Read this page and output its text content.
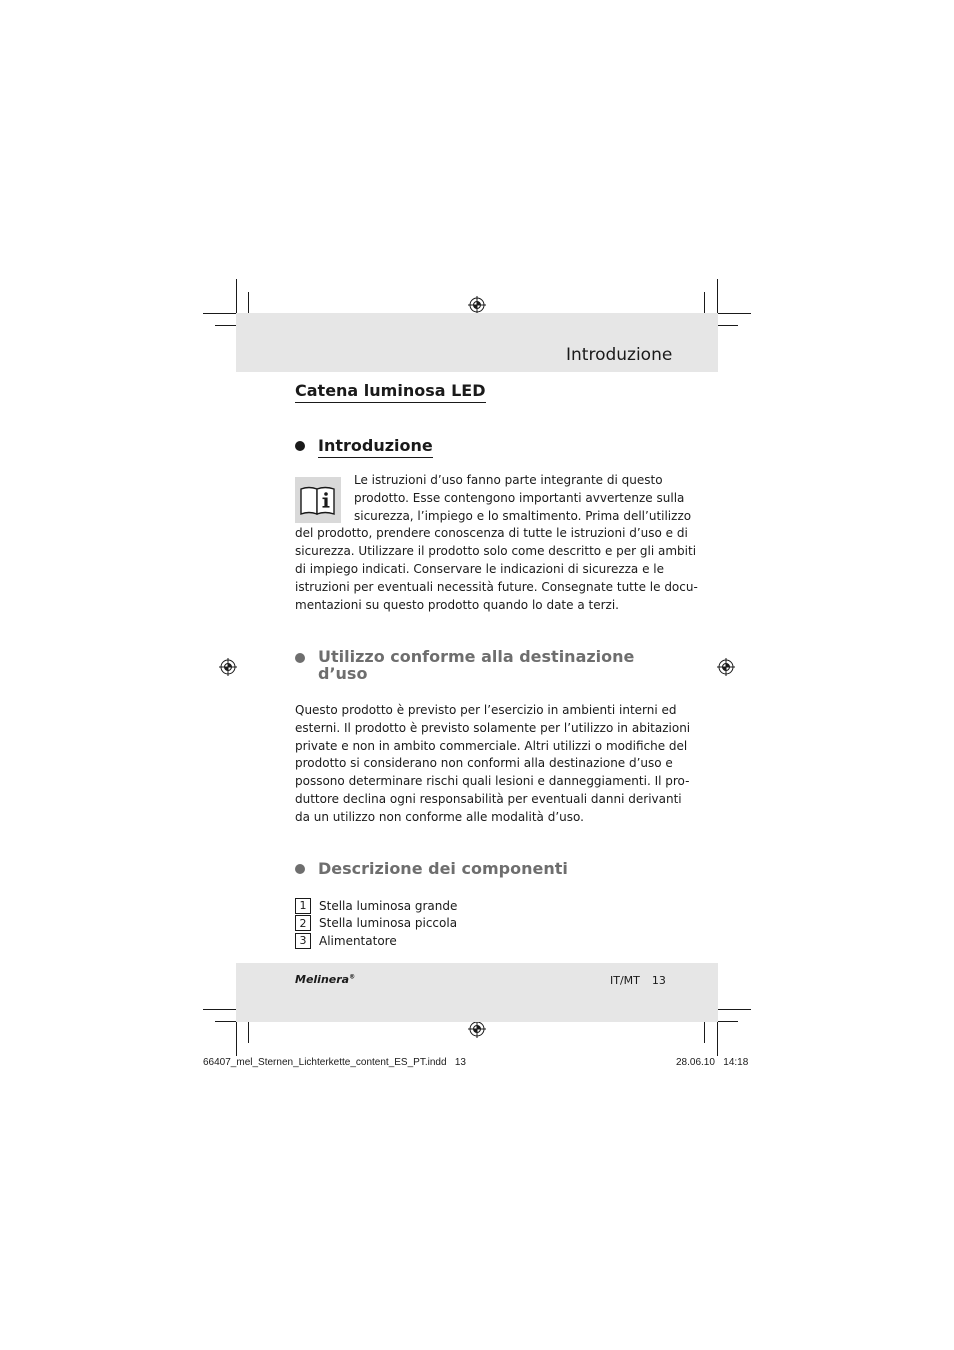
Introduzione
Catena luminosa LED
Introduzione
Le istruzioni d’uso fanno parte integrante di questo
prodotto. Esse contengono importanti avvertenze sulla
sicurezza, l’impiego e lo smaltimento. Prima dell’utilizzo
del prodotto, prendere conoscenza di tutte le istruzioni d’uso e di
sicurezza. Utilizzare il prodotto solo come descritto e per gli ambiti
di impiego indicati. Conservare le indicazioni di sicurezza e le
istruzioni per eventuali necessità future. Consegnate tutte le docu-
mentazioni su questo prodotto quando lo date a terzi.
Utilizzo conforme alla destinazione
d’uso
Questo prodotto è previsto per l’esercizio in ambienti interni ed
esterni. Il prodotto è previsto solamente per l’utilizzo in abitazioni
private e non in ambito commerciale. Altri utilizzi o modifiche del
prodotto si considerano non conformi alla destinazione d’uso e
possono determinare rischi quali lesioni e danneggiamenti. Il pro-
duttore declina ogni responsabilità per eventuali danni derivanti
da un utilizzo non conforme alle modalità d’uso.
Descrizione dei componenti
1	Stella luminosa grande
2	Stella luminosa piccola
3	Alimentatore
Melinera®	IT/MT 13
66407_mel_Sternen_Lichterkette_content_ES_PT.indd   13	28.06.10 14:18
